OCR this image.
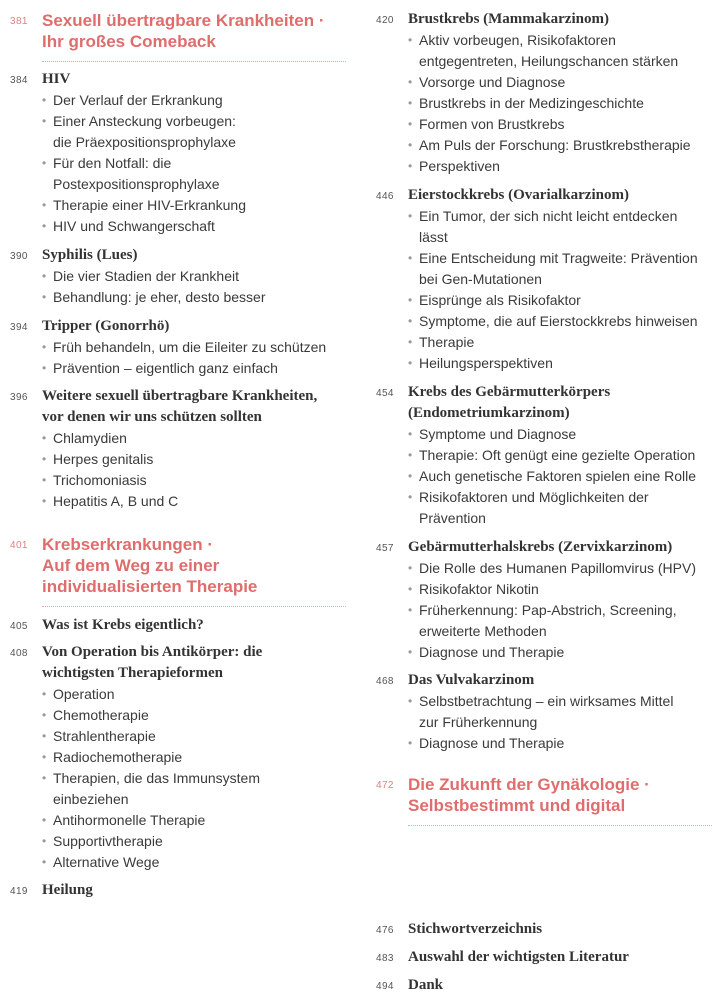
381 Sexuell übertragbare Krankheiten ·
Ihr großes Comeback
384 HIV
• Der Verlauf der Erkrankung
• Einer Ansteckung vorbeugen:
die Präexpositionsprophylaxe
• Für den Notfall: die
Postexpositionsprophylaxe
• Therapie einer HIV-Erkrankung
• HIV und Schwangerschaft
390 Syphilis (Lues)
• Die vier Stadien der Krankheit
• Behandlung: je eher, desto besser
394 Tripper (Gonorrhö)
• Früh behandeln, um die Eileiter zu schützen
• Prävention – eigentlich ganz einfach
396 Weitere sexuell übertragbare Krankheiten,
vor denen wir uns schützen sollten
• Chlamydien
• Herpes genitalis
• Trichomoniasis
• Hepatitis A, B und C
401 Krebserkrankungen ·
Auf dem Weg zu einer
individualisierten Therapie
405 Was ist Krebs eigentlich?
408 Von Operation bis Antikörper: die
wichtigsten Therapieformen
• Operation
• Chemotherapie
• Strahlentherapie
• Radiochemotherapie
• Therapien, die das Immunsystem
einbeziehen
• Antihormonelle Therapie
• Supportivtherapie
• Alternative Wege
419 Heilung
420 Brustkrebs (Mammakarzinom)
• Aktiv vorbeugen, Risikofaktoren
entgegentreten, Heilungschancen stärken
• Vorsorge und Diagnose
• Brustkrebs in der Medizingeschichte
• Formen von Brustkrebs
• Am Puls der Forschung: Brustkrebstherapie
• Perspektiven
446 Eierstockkrebs (Ovarialkarzinom)
• Ein Tumor, der sich nicht leicht entdecken
lässt
• Eine Entscheidung mit Tragweite: Prävention
bei Gen-Mutationen
• Eisprünge als Risikofaktor
• Symptome, die auf Eierstockkrebs hinweisen
• Therapie
• Heilungsperspektiven
454 Krebs des Gebärmutterkörpers
(Endometriumkarzinom)
• Symptome und Diagnose
• Therapie: Oft genügt eine gezielte Operation
• Auch genetische Faktoren spielen eine Rolle
• Risikofaktoren und Möglichkeiten der
Prävention
457 Gebärmutterhalskrebs (Zervixkarzinom)
• Die Rolle des Humanen Papillomvirus (HPV)
• Risikofaktor Nikotin
• Früherkennung: Pap-Abstrich, Screening,
erweiterte Methoden
• Diagnose und Therapie
468 Das Vulvakarzinom
• Selbstbetrachtung – ein wirksames Mittel
zur Früherkennung
• Diagnose und Therapie
472 Die Zukunft der Gynäkologie ·
Selbstbestimmt und digital
476 Stichwortverzeichnis
483 Auswahl der wichtigsten Literatur
494 Dank
